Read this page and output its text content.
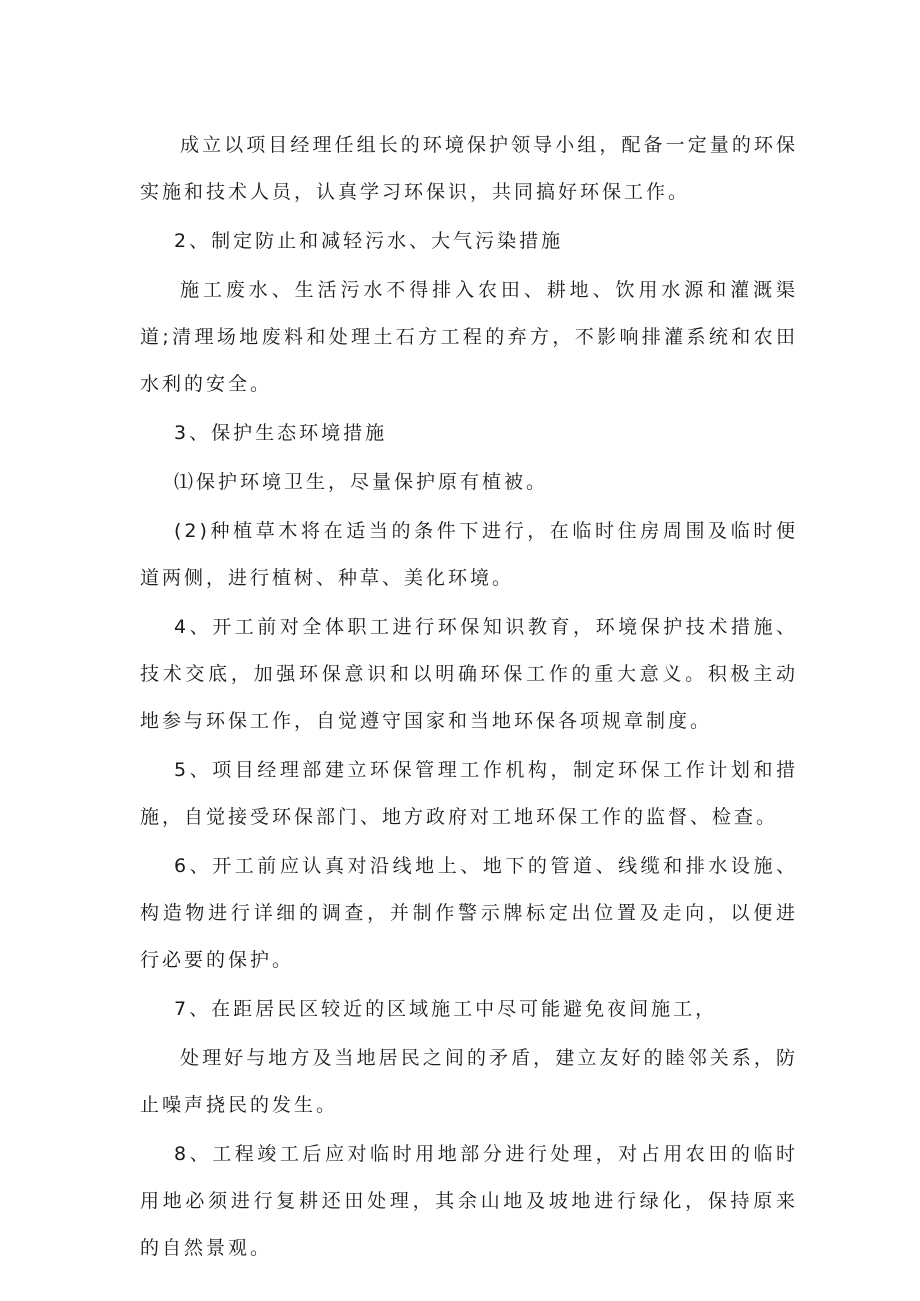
成立以项目经理任组长的环境保护领导小组，配备一定量的环保实施和技术人员，认真学习环保识，共同搞好环保工作。

2、制定防止和减轻污水、大气污染措施

施工废水、生活污水不得排入农田、耕地、饮用水源和灌溉渠道;清理场地废料和处理土石方工程的弃方，不影响排灌系统和农田水利的安全。

3、保护生态环境措施

⑴保护环境卫生，尽量保护原有植被。

(2)种植草木将在适当的条件下进行，在临时住房周围及临时便道两侧，进行植树、种草、美化环境。

4、开工前对全体职工进行环保知识教育，环境保护技术措施、技术交底，加强环保意识和以明确环保工作的重大意义。积极主动地参与环保工作，自觉遵守国家和当地环保各项规章制度。

5、项目经理部建立环保管理工作机构，制定环保工作计划和措施，自觉接受环保部门、地方政府对工地环保工作的监督、检查。

6、开工前应认真对沿线地上、地下的管道、线缆和排水设施、构造物进行详细的调查，并制作警示牌标定出位置及走向，以便进行必要的保护。

7、在距居民区较近的区域施工中尽可能避免夜间施工，

处理好与地方及当地居民之间的矛盾，建立友好的睦邻关系，防止噪声挠民的发生。

8、工程竣工后应对临时用地部分进行处理，对占用农田的临时用地必须进行复耕还田处理，其余山地及坡地进行绿化，保持原来的自然景观。
